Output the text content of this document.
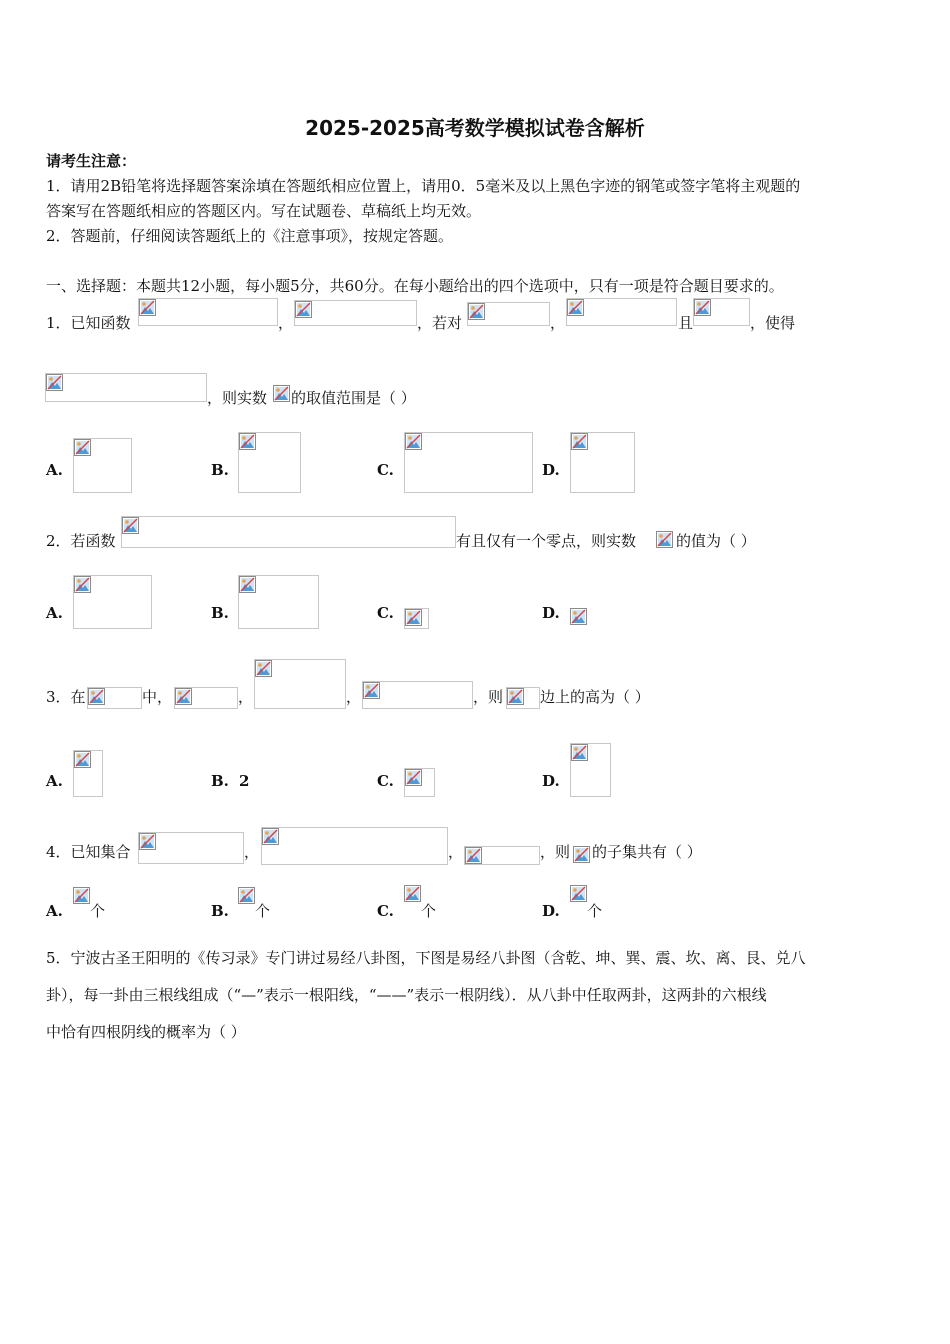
2025-2025高考数学模拟试卷含解析
请考生注意：
1．请用2B铅笔将选择题答案涂填在答题纸相应位置上，请用0．5毫米及以上黑色字迹的钢笔或签字笔将主观题的
答案写在答题纸相应的答题区内。写在试题卷、草稿纸上均无效。
2．答题前，仔细阅读答题纸上的《注意事项》，按规定答题。
一、选择题：本题共12小题，每小题5分，共60分。在每小题给出的四个选项中，只有一项是符合题目要求的。
1．已知函数	，	，若对	，	且	，使得
，则实数 的取值范围是（ ）
A.	B.	C.	D.
2．若函数	有且仅有一个零点，则实数	的值为（ ）
A.	B.	C.	D.
3．在	中，	，	，	，则 边上的高为（ ）
A.	B. 2	C.	D.
4．已知集合	，	，	，则 的子集共有（ ）
A. 个	B. 个	C. 个	D. 个
5．宁波古圣王阳明的《传习录》专门讲过易经八卦图，下图是易经八卦图（含乾、坤、巽、震、坎、离、艮、兑八
卦），每一卦由三根线组成（“—”表示一根阳线，“——”表示一根阴线）．从八卦中任取两卦，这两卦的六根线
中恰有四根阴线的概率为（ ）
